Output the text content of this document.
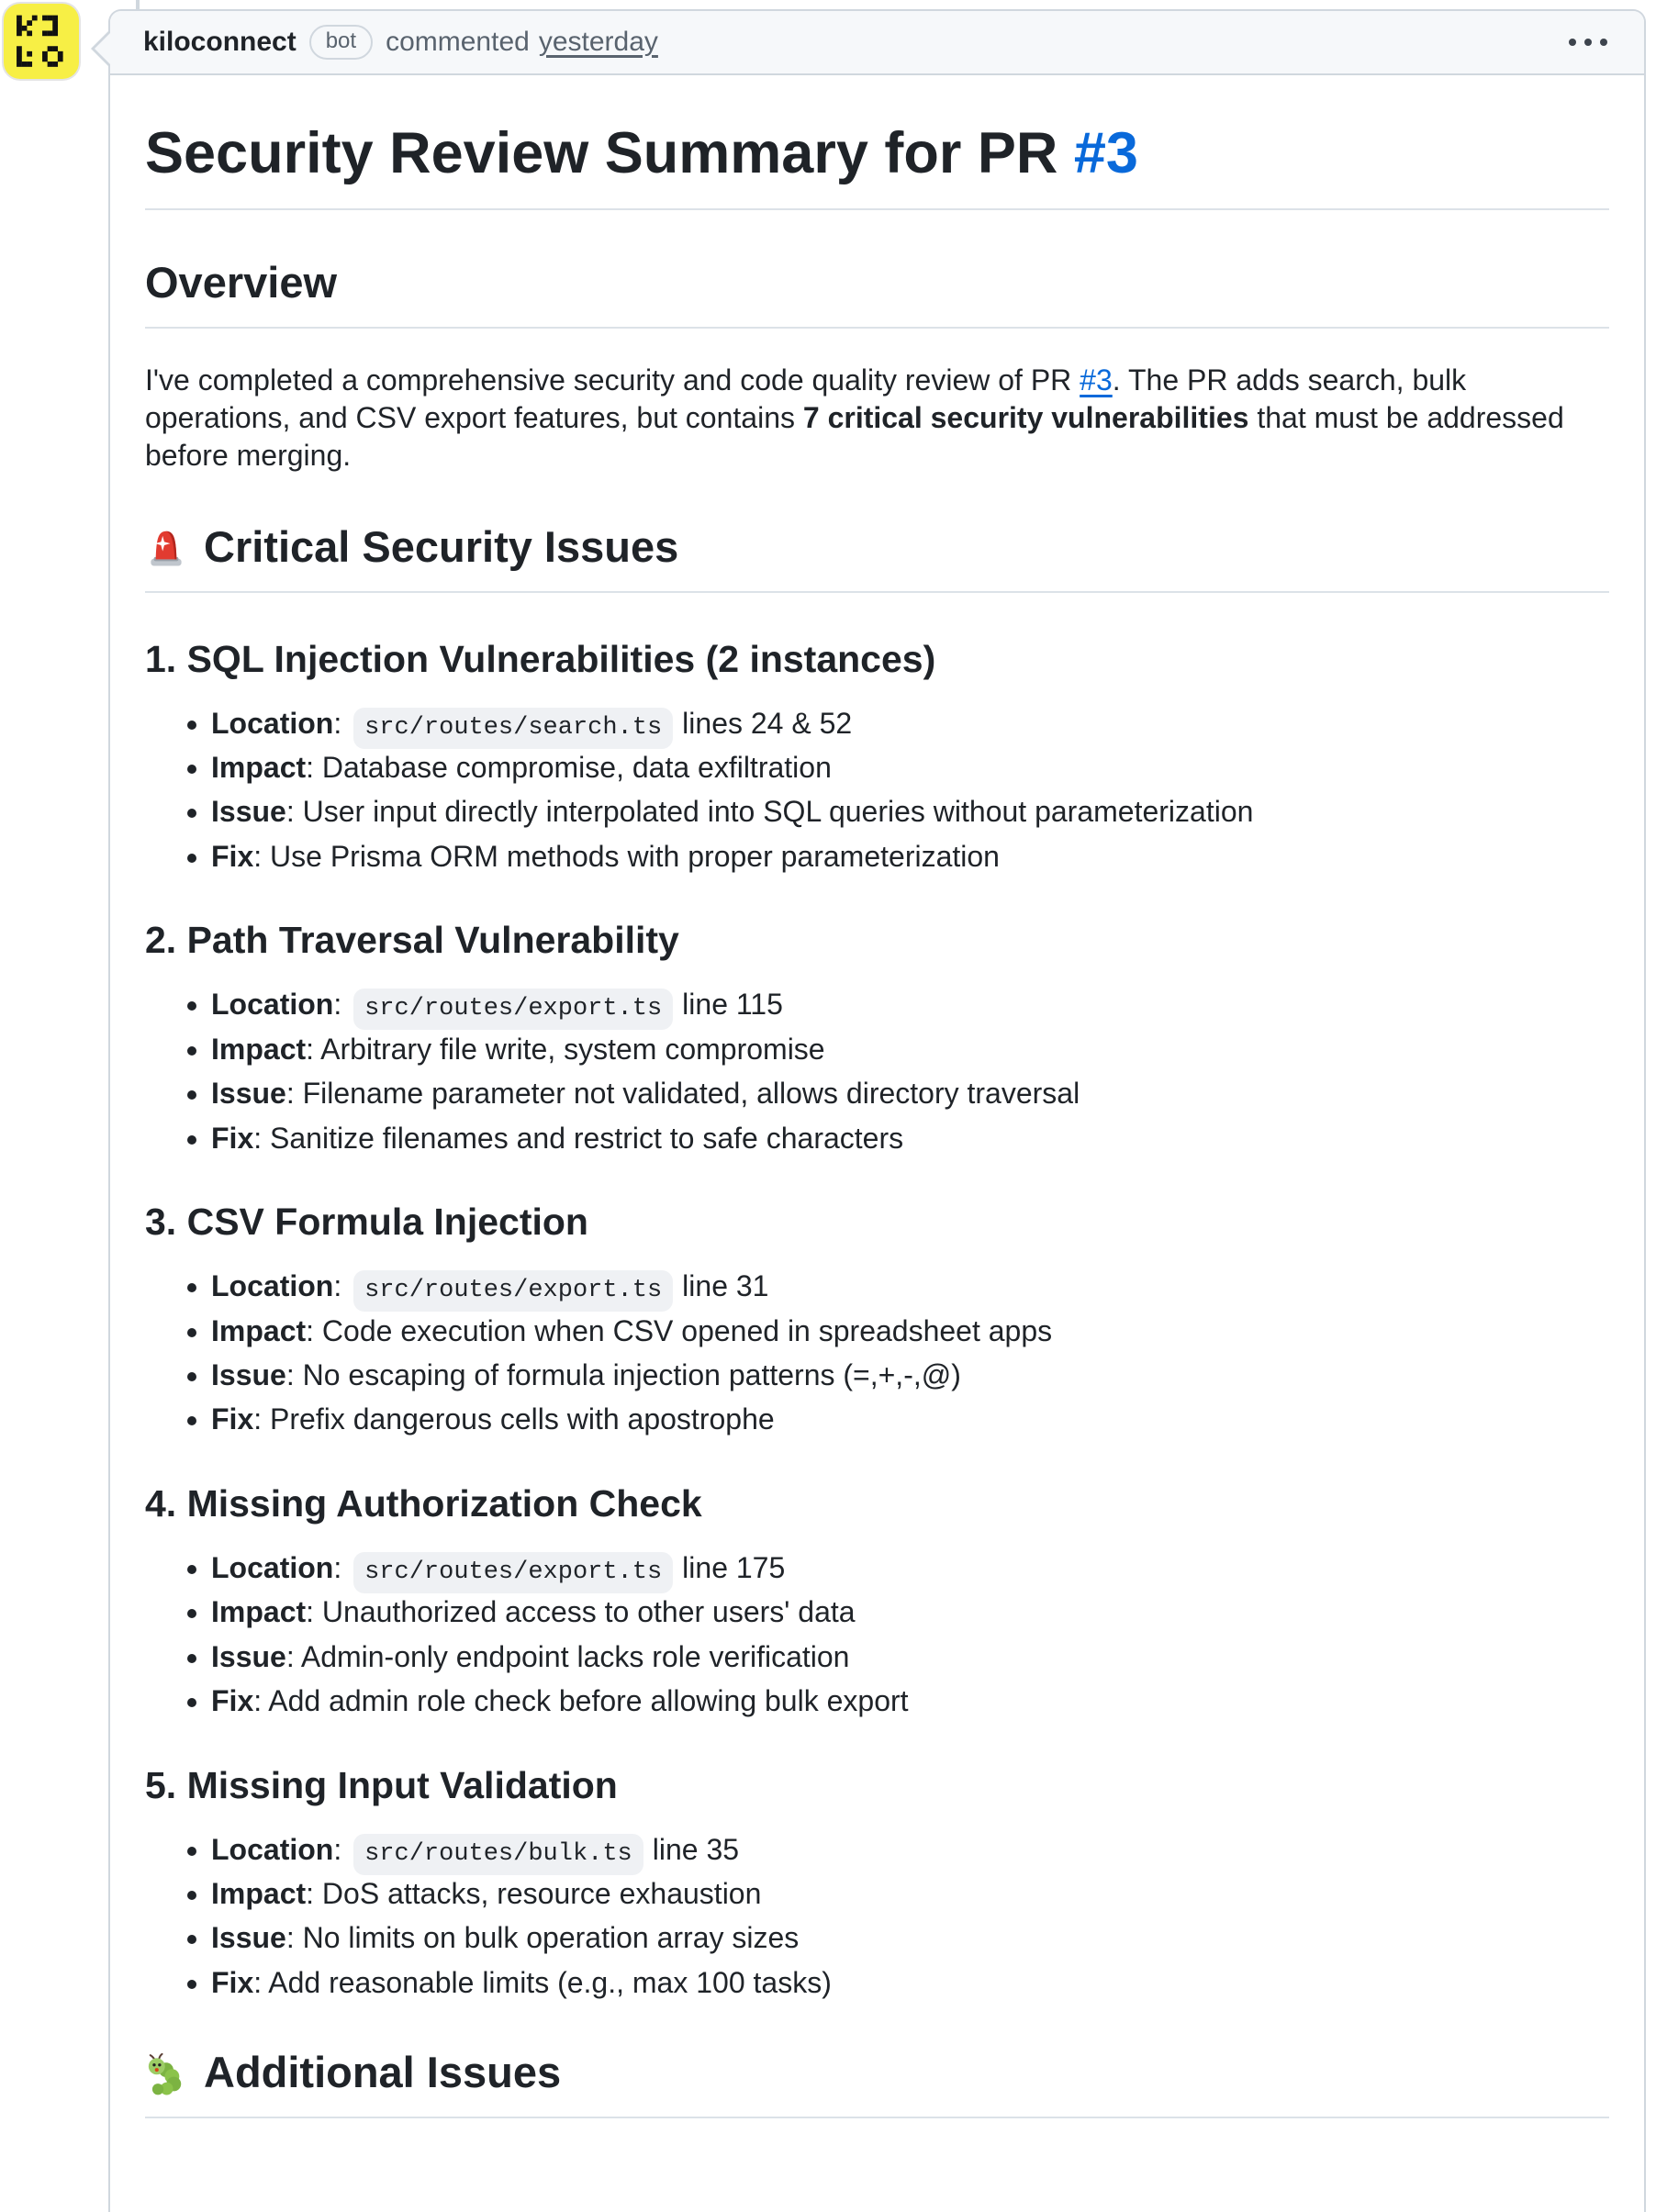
kiloconnect	bot	commented yesterday
Security Review Summary for PR #3
Overview

I've completed a comprehensive security and code quality review of PR #3. The PR adds search, bulk operations, and CSV export features, but contains 7 critical security vulnerabilities that must be addressed before merging.

Critical Security Issues
1. SQL Injection Vulnerabilities (2 instances)
• Location: src/routes/search.ts lines 24 & 52
• Impact: Database compromise, data exfiltration
• Issue: User input directly interpolated into SQL queries without parameterization
• Fix: Use Prisma ORM methods with proper parameterization
2. Path Traversal Vulnerability
• Location: src/routes/export.ts line 115
• Impact: Arbitrary file write, system compromise
• Issue: Filename parameter not validated, allows directory traversal
• Fix: Sanitize filenames and restrict to safe characters
3. CSV Formula Injection
• Location: src/routes/export.ts line 31
• Impact: Code execution when CSV opened in spreadsheet apps
• Issue: No escaping of formula injection patterns (=,+,-,@)
• Fix: Prefix dangerous cells with apostrophe
4. Missing Authorization Check
• Location: src/routes/export.ts line 175
• Impact: Unauthorized access to other users' data
• Issue: Admin-only endpoint lacks role verification
• Fix: Add admin role check before allowing bulk export
5. Missing Input Validation
• Location: src/routes/bulk.ts line 35
• Impact: DoS attacks, resource exhaustion
• Issue: No limits on bulk operation array sizes
• Fix: Add reasonable limits (e.g., max 100 tasks)
Additional Issues
